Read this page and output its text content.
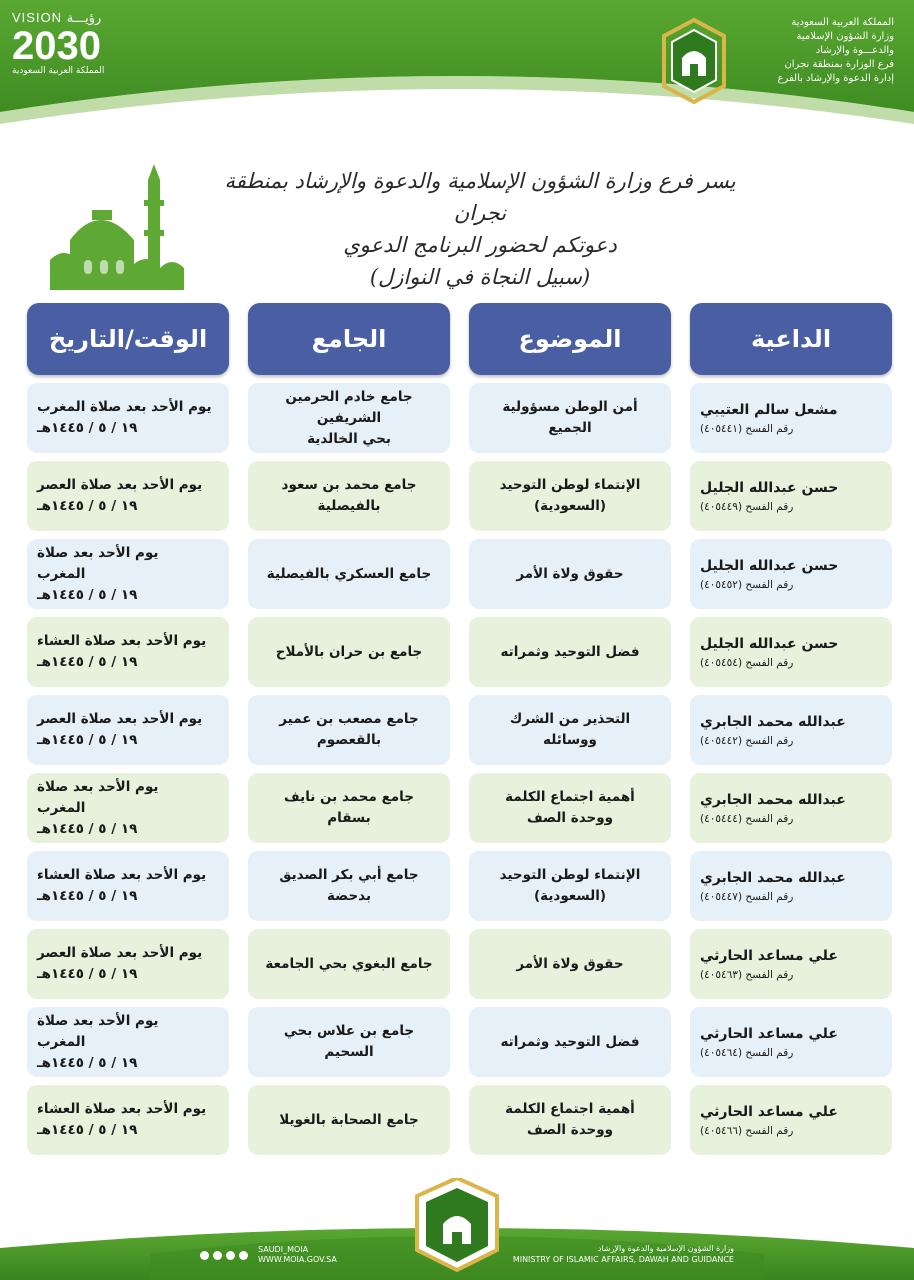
VISION رؤيـــة
2030
المملكة العربية السعودية
المملكة العربية السعودية
وزارة الشؤون الإسلامية
والدعـــوة والإرشاد
فرع الوزارة بمنطقة نجران
إدارة الدعوة والإرشاد بالفرع
يسر فرع وزارة الشؤون الإسلامية والدعوة والإرشاد بمنطقة نجران
دعوتكم لحضور البرنامج الدعوي
(سبيل النجاة في النوازل)
الداعية
الموضوع
الجامع
الوقت/التاريخ
مشعل سالم العتيبي
رقم الفسح (٤٠٥٤٤١)
أمن الوطن مسؤولية
الجميع
جامع خادم الحرمين الشريفين
بحي الخالدية
يوم الأحد بعد صلاة المغرب
١٩ / ٥ / ١٤٤٥هـ
حسن عبدالله الجليل
رقم الفسح (٤٠٥٤٤٩)
الإنتماء لوطن التوحيد
(السعودية)
جامع محمد بن سعود
بالفيصلية
يوم الأحد بعد صلاة العصر
١٩ / ٥ / ١٤٤٥هـ
حسن عبدالله الجليل
رقم الفسح (٤٠٥٤٥٢)
حقوق ولاة الأمر
جامع العسكري بالفيصلية
يوم الأحد بعد صلاة
المغرب
١٩ / ٥ / ١٤٤٥هـ
حسن عبدالله الجليل
رقم الفسح (٤٠٥٤٥٤)
فضل التوحيد وثمراته
جامع بن حران بالأملاح
يوم الأحد بعد صلاة العشاء
١٩ / ٥ / ١٤٤٥هـ
عبدالله محمد الجابري
رقم الفسح (٤٠٥٤٤٢)
التحذير من الشرك
ووسائله
جامع مصعب بن عمير
بالقعصوم
يوم الأحد بعد صلاة العصر
١٩ / ٥ / ١٤٤٥هـ
عبدالله محمد الجابري
رقم الفسح (٤٠٥٤٤٤)
أهمية اجتماع الكلمة
ووحدة الصف
جامع محمد بن نايف
بسقام
يوم الأحد بعد صلاة
المغرب
١٩ / ٥ / ١٤٤٥هـ
عبدالله محمد الجابري
رقم الفسح (٤٠٥٤٤٧)
الإنتماء لوطن التوحيد
(السعودية)
جامع أبي بكر الصديق
بدحضة
يوم الأحد بعد صلاة العشاء
١٩ / ٥ / ١٤٤٥هـ
علي مساعد الحارثي
رقم الفسح (٤٠٥٤٦٣)
حقوق ولاة الأمر
جامع البغوي بحي الجامعة
يوم الأحد بعد صلاة العصر
١٩ / ٥ / ١٤٤٥هـ
علي مساعد الحارثي
رقم الفسح (٤٠٥٤٦٤)
فضل التوحيد وثمراته
جامع بن علاس بحي
السحيم
يوم الأحد بعد صلاة
المغرب
١٩ / ٥ / ١٤٤٥هـ
علي مساعد الحارثي
رقم الفسح (٤٠٥٤٦٦)
أهمية اجتماع الكلمة
ووحدة الصف
جامع الصحابة بالغويلا
يوم الأحد بعد صلاة العشاء
١٩ / ٥ / ١٤٤٥هـ
SAUDI_MOIA
WWW.MOIA.GOV.SA
وزارة الشؤون الإسلامية والدعوة والإرشاد
MINISTRY OF ISLAMIC AFFAIRS, DAWAH AND GUIDANCE
